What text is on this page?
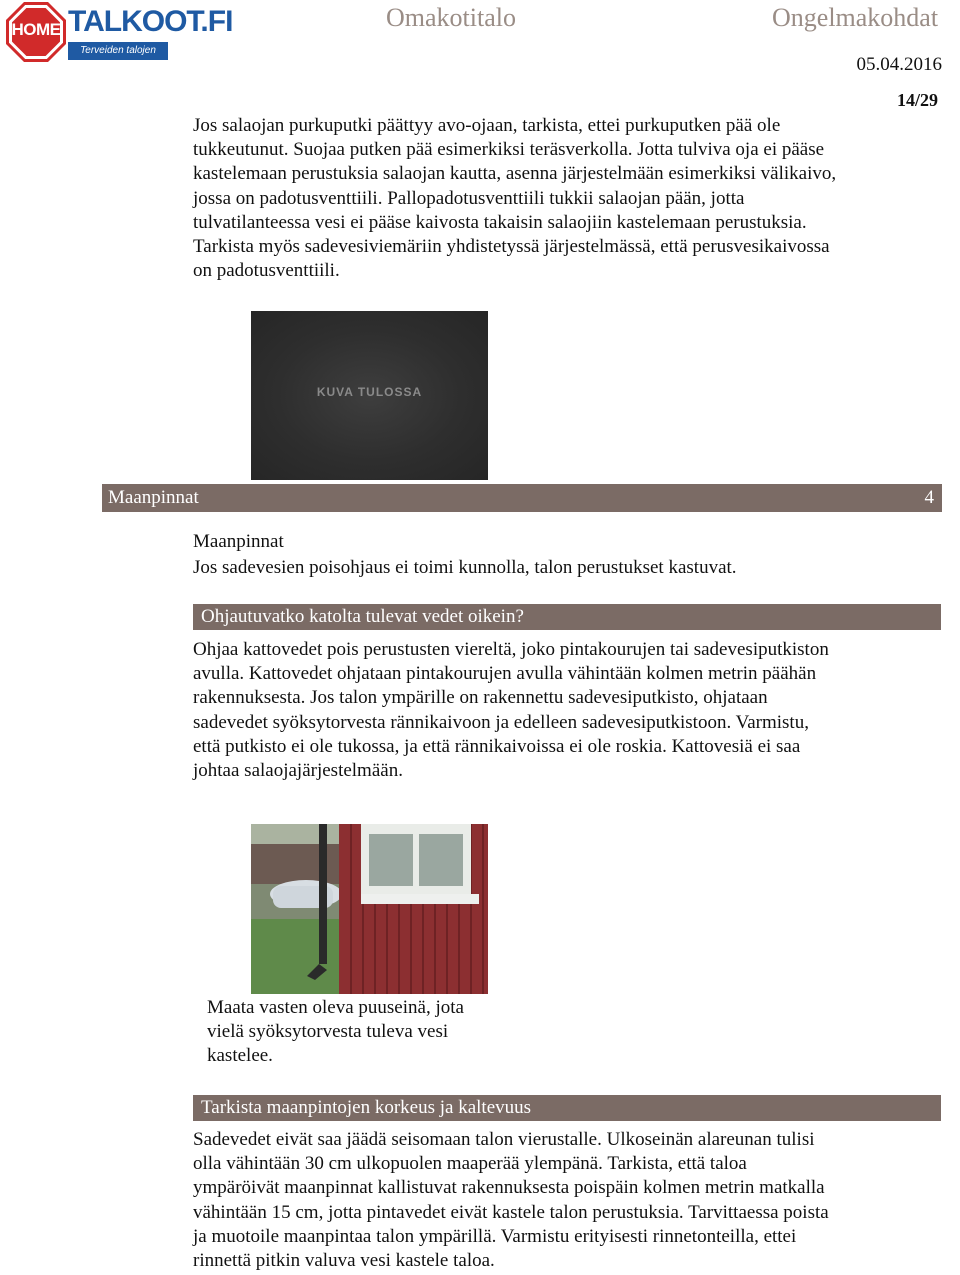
HOME TALKOOT.FI
Terveiden talojen puolesta
Omakotitalo	Ongelmakohdat
05.04.2016
14/29
Jos salaojan purkuputki päättyy avo-ojaan, tarkista, ettei purkuputken pää ole
tukkeutunut. Suojaa putken pää esimerkiksi teräsverkolla. Jotta tulviva oja ei pääse
kastelemaan perustuksia salaojan kautta, asenna järjestelmään esimerkiksi välikaivo,
jossa on padotusventtiili. Pallopadotusventtiili tukkii salaojan pään, jotta
tulvatilanteessa vesi ei pääse kaivosta takaisin salaojiin kastelemaan perustuksia.
Tarkista myös sadevesiviemäriin yhdistetyssä järjestelmässä, että perusvesikaivossa
on padotusventtiili.
KUVA TULOSSA
Maanpinnat	4
Maanpinnat
Jos sadevesien poisohjaus ei toimi kunnolla, talon perustukset kastuvat.
Ohjautuvatko katolta tulevat vedet oikein?
Ohjaa kattovedet pois perustusten viereltä, joko pintakourujen tai sadevesiputkiston
avulla. Kattovedet ohjataan pintakourujen avulla vähintään kolmen metrin päähän
rakennuksesta. Jos talon ympärille on rakennettu sadevesiputkisto, ohjataan
sadevedet syöksytorvesta rännikaivoon ja edelleen sadevesiputkistoon. Varmistu,
että putkisto ei ole tukossa, ja että rännikaivoissa ei ole roskia. Kattovesiä ei saa
johtaa salaojajärjestelmään.
Maata vasten oleva puuseinä, jota
vielä syöksytorvesta tuleva vesi
kastelee.
Tarkista maanpintojen korkeus ja kaltevuus
Sadevedet eivät saa jäädä seisomaan talon vierustalle. Ulkoseinän alareunan tulisi
olla vähintään 30 cm ulkopuolen maaperää ylempänä. Tarkista, että taloa
ympäröivät maanpinnat kallistuvat rakennuksesta poispäin kolmen metrin matkalla
vähintään 15 cm, jotta pintavedet eivät kastele talon perustuksia. Tarvittaessa poista
ja muotoile maanpintaa talon ympärillä. Varmistu erityisesti rinnetonteilla, ettei
rinnettä pitkin valuva vesi kastele taloa.
